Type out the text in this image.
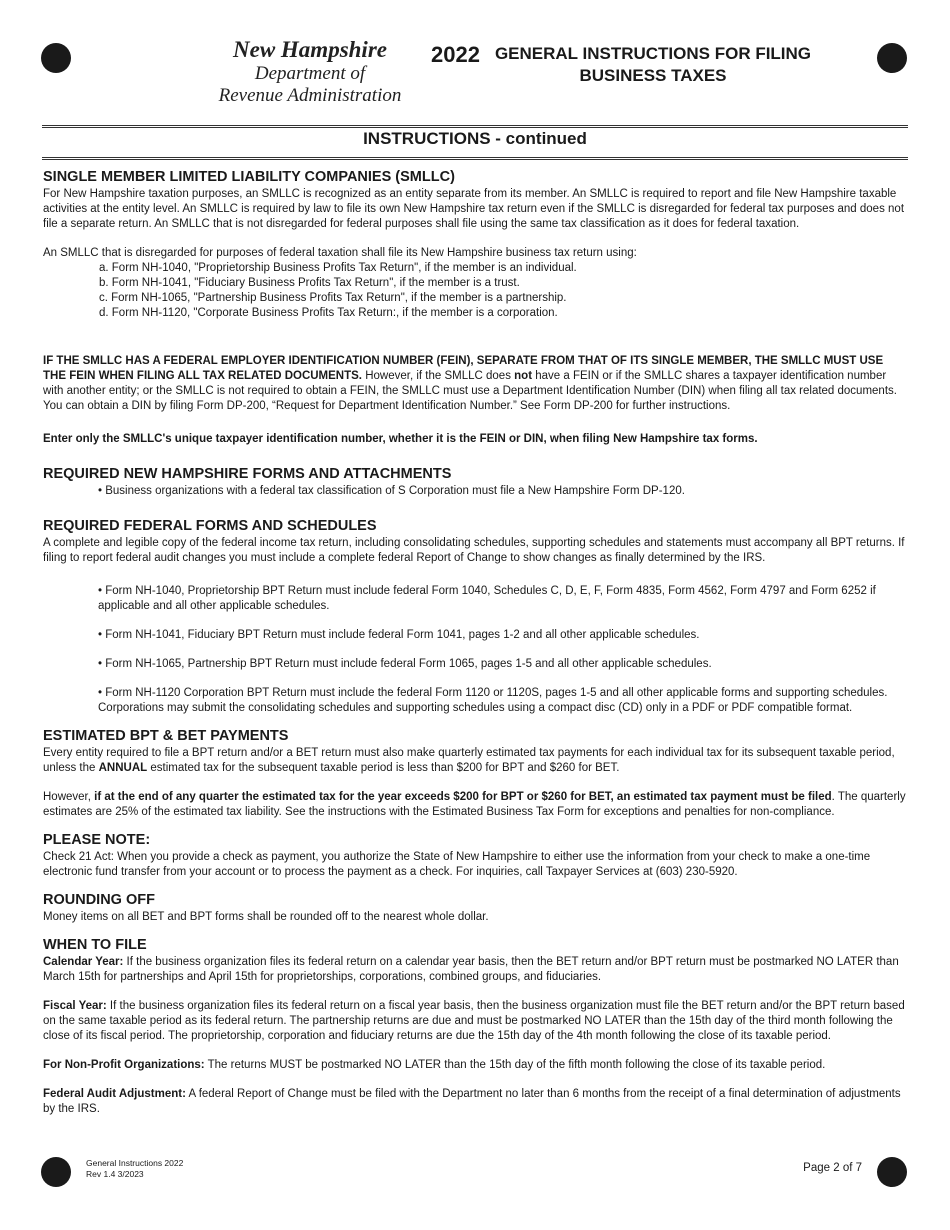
New Hampshire
Department of
Revenue Administration
2022 GENERAL INSTRUCTIONS FOR FILING
BUSINESS TAXES
INSTRUCTIONS - continued
SINGLE MEMBER LIMITED LIABILITY COMPANIES (SMLLC)

For New Hampshire taxation purposes, an SMLLC is recognized as an entity separate from its member. An SMLLC is required to report and file New Hampshire taxable activities at the entity level. An SMLLC is required by law to file its own New Hampshire tax return even if the SMLLC is disregarded for federal tax purposes and does not file a separate return. An SMLLC that is not disregarded for federal purposes shall file using the same tax classification as it does for federal taxation.

An SMLLC that is disregarded for purposes of federal taxation shall file its New Hampshire business tax return using:

a. Form NH-1040, "Proprietorship Business Profits Tax Return", if the member is an individual.
b. Form NH-1041, "Fiduciary Business Profits Tax Return", if the member is a trust.
c. Form NH-1065, "Partnership Business Profits Tax Return", if the member is a partnership.
d. Form NH-1120, "Corporate Business Profits Tax Return:, if the member is a corporation.

IF THE SMLLC HAS A FEDERAL EMPLOYER IDENTIFICATION NUMBER (FEIN), SEPARATE FROM THAT OF ITS SINGLE MEMBER, THE SMLLC MUST USE THE FEIN WHEN FILING ALL TAX RELATED DOCUMENTS. However, if the SMLLC does not have a FEIN or if the SMLLC shares a taxpayer identification number with another entity; or the SMLLC is not required to obtain a FEIN, the SMLLC must use a Department Identification Number (DIN) when filing all tax related documents. You can obtain a DIN by filing Form DP-200, “Request for Department Identification Number.” See Form DP-200 for further instructions.

Enter only the SMLLC's unique taxpayer identification number, whether it is the FEIN or DIN, when filing New Hampshire tax forms.

REQUIRED NEW HAMPSHIRE FORMS AND ATTACHMENTS

• Business organizations with a federal tax classification of S Corporation must file a New Hampshire Form DP-120.

REQUIRED FEDERAL FORMS AND SCHEDULES

A complete and legible copy of the federal income tax return, including consolidating schedules, supporting schedules and statements must accompany all BPT returns. If filing to report federal audit changes you must include a complete federal Report of Change to show changes as finally determined by the IRS.

• Form NH-1040, Proprietorship BPT Return must include federal Form 1040, Schedules C, D, E, F, Form 4835, Form 4562, Form 4797 and Form 6252 if applicable and all other applicable schedules.

• Form NH-1041, Fiduciary BPT Return must include federal Form 1041, pages 1-2 and all other applicable schedules.

• Form NH-1065, Partnership BPT Return must include federal Form 1065, pages 1-5 and all other applicable schedules.

• Form NH-1120 Corporation BPT Return must include the federal Form 1120 or 1120S, pages 1-5 and all other applicable forms and supporting schedules. Corporations may submit the consolidating schedules and supporting schedules using a compact disc (CD) only in a PDF or PDF compatible format.

ESTIMATED BPT & BET PAYMENTS

Every entity required to file a BPT return and/or a BET return must also make quarterly estimated tax payments for each individual tax for its subsequent taxable period, unless the ANNUAL estimated tax for the subsequent taxable period is less than $200 for BPT and $260 for BET.

However, if at the end of any quarter the estimated tax for the year exceeds $200 for BPT or $260 for BET, an estimated tax payment must be filed. The quarterly estimates are 25% of the estimated tax liability. See the instructions with the Estimated Business Tax Form for exceptions and penalties for non-compliance.

PLEASE NOTE:

Check 21 Act: When you provide a check as payment, you authorize the State of New Hampshire to either use the information from your check to make a one-time electronic fund transfer from your account or to process the payment as a check. For inquiries, call Taxpayer Services at (603) 230-5920.

ROUNDING OFF

Money items on all BET and BPT forms shall be rounded off to the nearest whole dollar.

WHEN TO FILE

Calendar Year: If the business organization files its federal return on a calendar year basis, then the BET return and/or BPT return must be postmarked NO LATER than March 15th for partnerships and April 15th for proprietorships, corporations, combined groups, and fiduciaries.

Fiscal Year: If the business organization files its federal return on a fiscal year basis, then the business organization must file the BET return and/or the BPT return based on the same taxable period as its federal return. The partnership returns are due and must be postmarked NO LATER than the 15th day of the third month following the close of its fiscal period. The proprietorship, corporation and fiduciary returns are due the 15th day of the 4th month following the close of its taxable period.

For Non-Profit Organizations: The returns MUST be postmarked NO LATER than the 15th day of the fifth month following the close of its taxable period.

Federal Audit Adjustment: A federal Report of Change must be filed with the Department no later than 6 months from the receipt of a final determination of adjustments by the IRS.

General Instructions 2022
Rev 1.4 3/2023	Page 2 of 7
